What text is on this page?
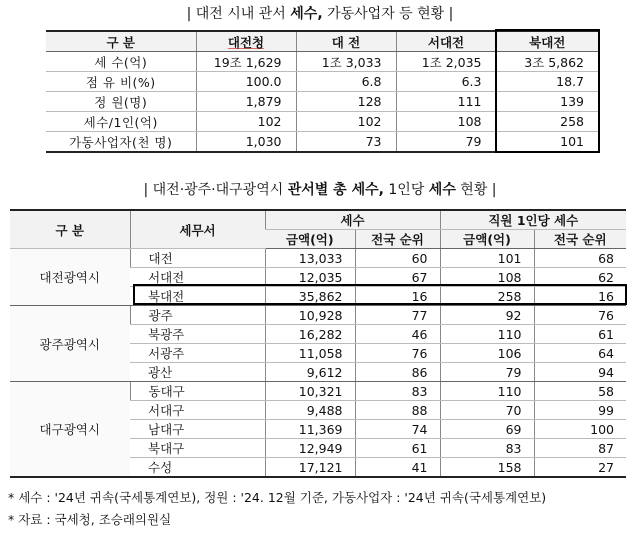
| 대전 시내 관서 세수, 가동사업자 등 현황 |
구 분	대전청	대 전	서대전	북대전
세 수(억)	19조 1,629	1조 3,033	1조 2,035	3조 5,862
점 유 비(%)	100.0	6.8	6.3	18.7
정 원(명)	1,879	128	111	139
세수/1인(억)	102	102	108	258
가동사업자(천 명)	1,030	73	79	101
| 대전·광주·대구광역시 관서별 총 세수, 1인당 세수 현황 |
구 분	세무서	세수		직원 1인당 세수	
		금액(억)	전국 순위	금액(억)	전국 순위
대전광역시	대전	13,033	60	101	68
	서대전	12,035	67	108	62
	북대전	35,862	16	258	16
광주광역시	광주	10,928	77	92	76
	북광주	16,282	46	110	61
	서광주	11,058	76	106	64
	광산	9,612	86	79	94
대구광역시	동대구	10,321	83	110	58
	서대구	9,488	88	70	99
	남대구	11,369	74	69	100
	북대구	12,949	61	83	87
	수성	17,121	41	158	27
* 세수 : '24년 귀속(국세통계연보), 정원 : '24. 12월 기준, 가동사업자 : '24년 귀속(국세통계연보)
* 자료 : 국세청, 조승래의원실
